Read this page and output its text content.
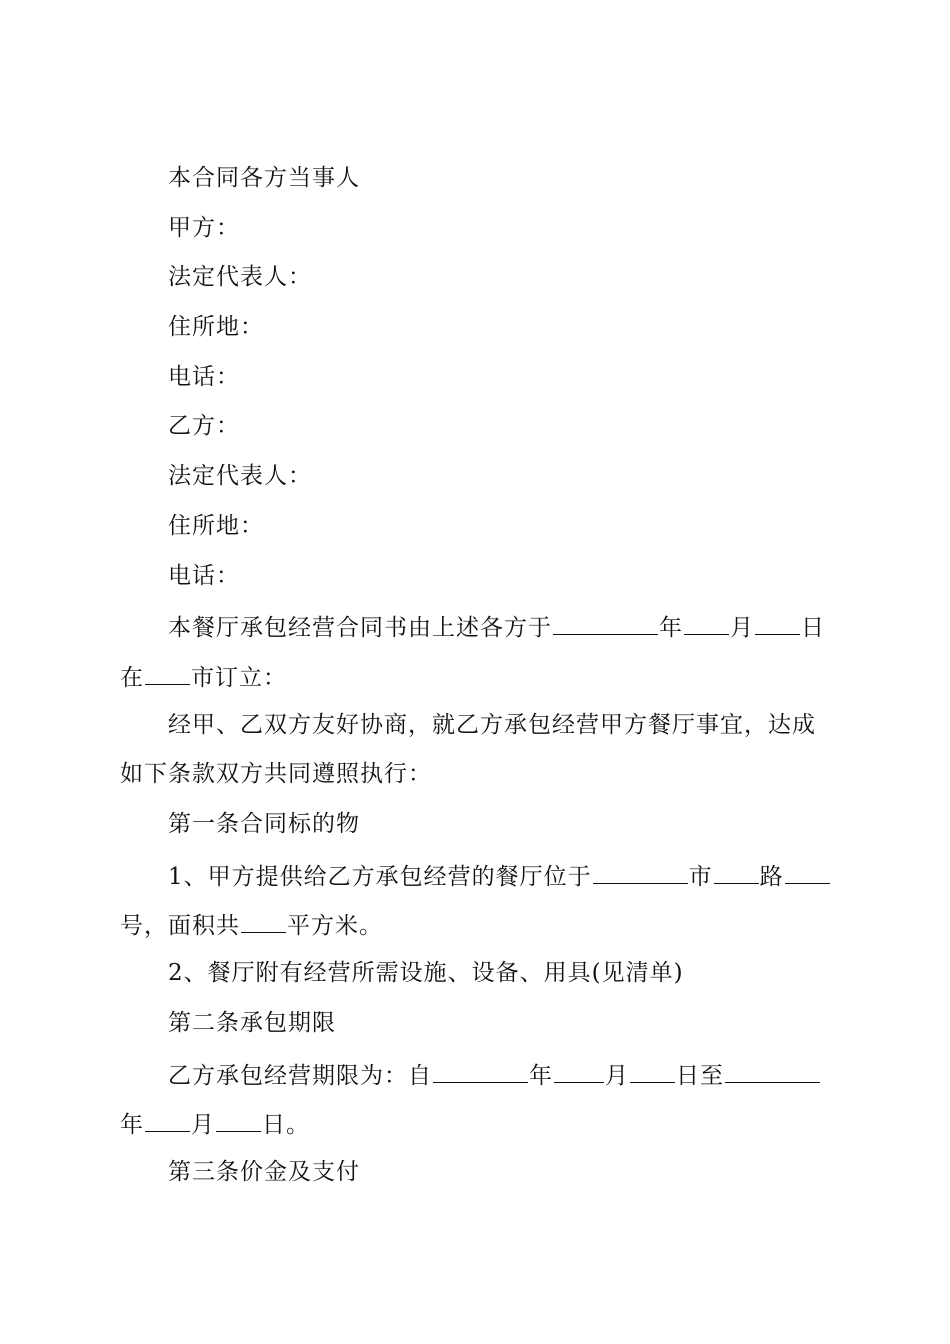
本合同各方当事人
甲方：
法定代表人：
住所地：
电话：
乙方：
法定代表人：
住所地：
电话：
本餐厅承包经营合同书由上述各方于	年 月 日
在 市订立：
经甲、乙双方友好协商，就乙方承包经营甲方餐厅事宜，达成
如下条款双方共同遵照执行：
第一条合同标的物
1、甲方提供给乙方承包经营的餐厅位于	市 路
号，面积共 平方米。
2、餐厅附有经营所需设施、设备、用具(见清单)
第二条承包期限
乙方承包经营期限为：自	年 月 日至
年 月 日。
第三条价金及支付
